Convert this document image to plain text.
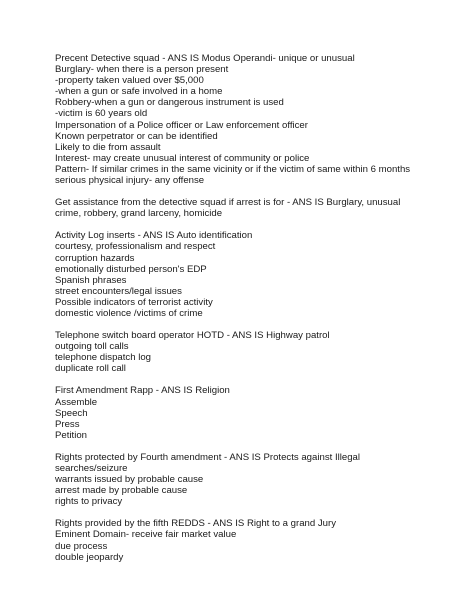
Precent Detective squad - ANS IS Modus Operandi- unique or unusual
Burglary- when there is a person present
-property taken valued over $5,000
-when a gun or safe involved in a home
Robbery-when a gun or dangerous instrument is used
-victim is 60 years old
Impersonation of a Police officer or Law enforcement officer
Known perpetrator or can be identified
Likely to die from assault
Interest- may create unusual interest of community or police
Pattern- If similar crimes in the same vicinity or if the victim of same within 6 months
serious physical injury- any offense
Get assistance from the detective squad if arrest is for - ANS IS Burglary, unusual
crime, robbery, grand larceny, homicide
Activity Log inserts - ANS IS Auto identification
courtesy, professionalism and respect
corruption hazards
emotionally disturbed person's EDP
Spanish phrases
street encounters/legal issues
Possible indicators of terrorist activity
domestic violence /victims of crime
Telephone switch board operator HOTD - ANS IS Highway patrol
outgoing toll calls
telephone dispatch log
duplicate roll call
First Amendment Rapp - ANS IS Religion
Assemble
Speech
Press
Petition
Rights protected by Fourth amendment - ANS IS Protects against Illegal
searches/seizure
warrants issued by probable cause
arrest made by probable cause
rights to privacy
Rights provided by the fifth REDDS - ANS IS Right to a grand Jury
Eminent Domain- receive fair market value
due process
double jeopardy
